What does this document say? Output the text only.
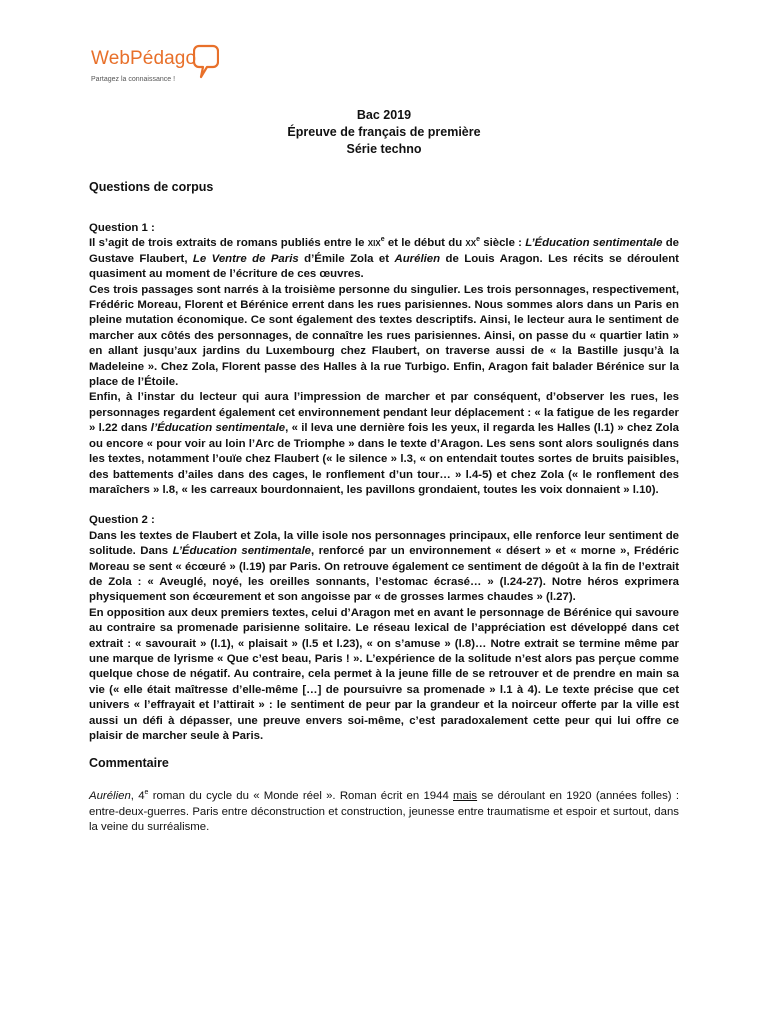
WebPédago
Partagez la connaissance !
Bac 2019
Épreuve de français de première
Série techno
Questions de corpus
Question 1 :

Il s’agit de trois extraits de romans publiés entre le xix$^e$ et le début du $xx^e$ siècle : L’Éducation sentimentale de Gustave Flaubert, Le Ventre de Paris d’Émile Zola et Aurélien de Louis Aragon. Les récits se déroulent quasiment au moment de l’écriture de ces œuvres.

Ces trois passages sont narrés à la troisième personne du singulier. Les trois personnages, respectivement, Frédéric Moreau, Florent et Bérénice errent dans les rues parisiennes. Nous sommes alors dans un Paris en pleine mutation économique. Ce sont également des textes descriptifs. Ainsi, le lecteur aura le sentiment de marcher aux côtés des personnages, de connaître les rues parisiennes. Ainsi, on passe du « quartier latin » en allant jusqu’aux jardins du Luxembourg chez Flaubert, on traverse aussi de « la Bastille jusqu’à la Madeleine ». Chez Zola, Florent passe des Halles à la rue Turbigo. Enfin, Aragon fait balader Bérénice sur la place de l’Étoile.

Enfin, à l’instar du lecteur qui aura l’impression de marcher et par conséquent, d’observer les rues, les personnages regardent également cet environnement pendant leur déplacement : « la fatigue de les regarder » l.22 dans l’Éducation sentimentale, « il leva une dernière fois les yeux, il regarda les Halles (l.1) » chez Zola ou encore « pour voir au loin l’Arc de Triomphe » dans le texte d’Aragon. Les sens sont alors soulignés dans les textes, notamment l’ouïe chez Flaubert (« le silence » l.3, « on entendait toutes sortes de bruits paisibles, des battements d’ailes dans des cages, le ronflement d’un tour… » l.4-5) et chez Zola (« le ronflement des maraîchers » l.8, « les carreaux bourdonnaient, les pavillons grondaient, toutes les voix donnaient » l.10).

Question 2 :

Dans les textes de Flaubert et Zola, la ville isole nos personnages principaux, elle renforce leur sentiment de solitude. Dans L’Éducation sentimentale, renforcé par un environnement « désert » et « morne », Frédéric Moreau se sent « écœuré » (l.19) par Paris. On retrouve également ce sentiment de dégoût à la fin de l’extrait de Zola : « Aveuglé, noyé, les oreilles sonnants, l’estomac écrasé… » (l.24-27). Notre héros exprimera physiquement son écœurement et son angoisse par « de grosses larmes chaudes » (l.27).

En opposition aux deux premiers textes, celui d’Aragon met en avant le personnage de Bérénice qui savoure au contraire sa promenade parisienne solitaire. Le réseau lexical de l’appréciation est développé dans cet extrait : « savourait » (l.1), « plaisait » (l.5 et l.23), « on s’amuse » (l.8)… Notre extrait se termine même par une marque de lyrisme « Que c’est beau, Paris ! ». L’expérience de la solitude n’est alors pas perçue comme quelque chose de négatif. Au contraire, cela permet à la jeune fille de se retrouver et de prendre en main sa vie (« elle était maîtresse d’elle-même […] de poursuivre sa promenade » l.1 à 4). Le texte précise que cet univers « l’effrayait et l’attirait » : le sentiment de peur par la grandeur et la noirceur offerte par la ville est aussi un défi à dépasser, une preuve envers soi-même, c’est paradoxalement cette peur qui lui offre ce plaisir de marcher seule à Paris.

Commentaire

Aurélien, 4e roman du cycle du « Monde réel ». Roman écrit en 1944 mais se déroulant en 1920 (années folles) : entre-deux-guerres. Paris entre déconstruction et construction, jeunesse entre traumatisme et espoir et surtout, dans la veine du surréalisme.
